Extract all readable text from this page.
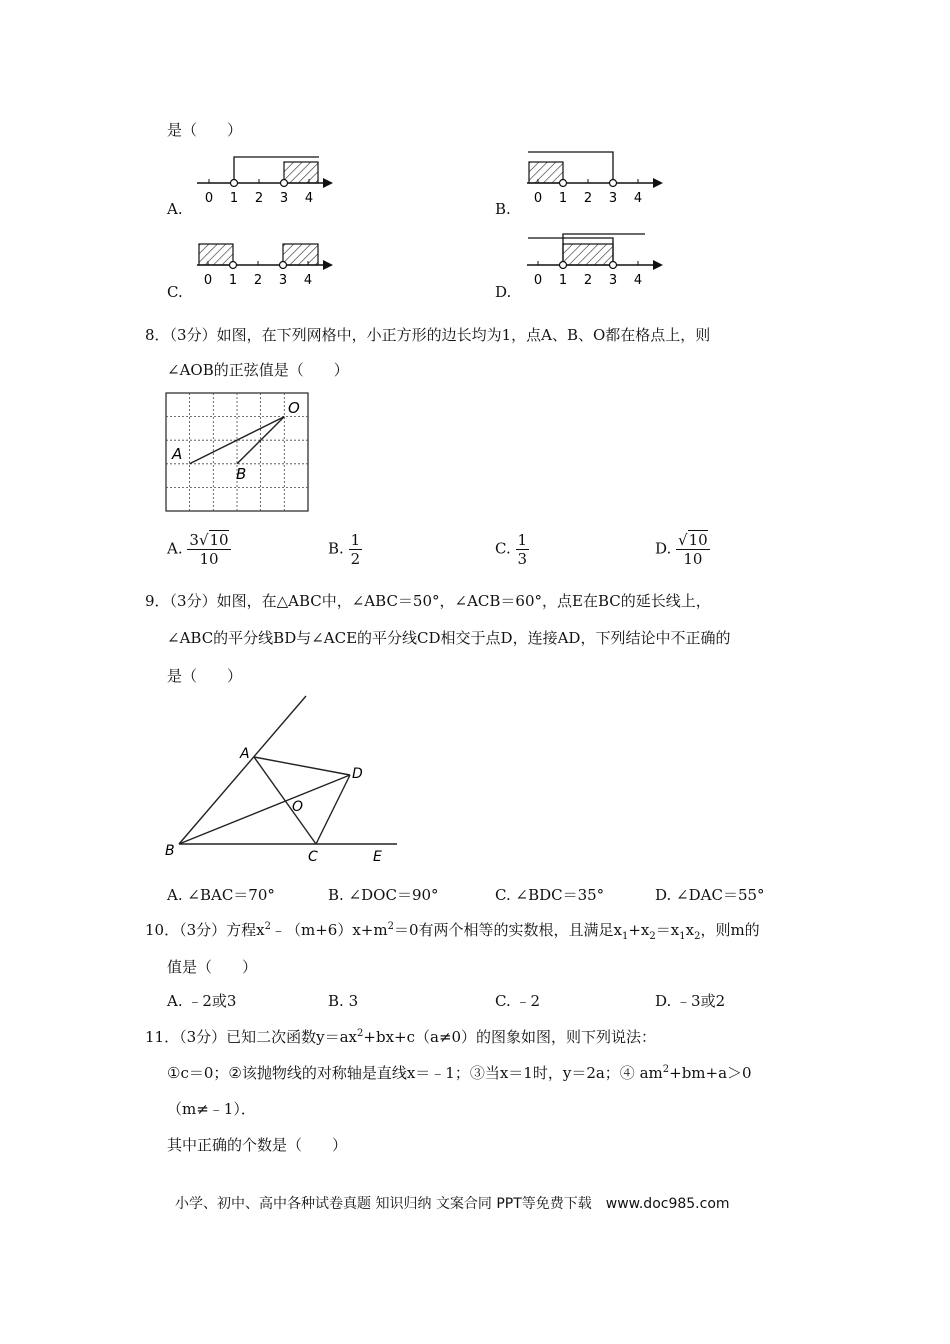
是（　　）
A.
0 1 2 3 4
B.
0 1 2 3 4
C.
0 1 2 3 4
D.
0 1 2 3 4
8．（3分）如图，在下列网格中，小正方形的边长均为1，点A、B、O都在格点上，则
∠AOB的正弦值是（　　）
A
B
O
A. $\frac{3√10}{10}$	B. $\frac{1}{2}$	C. $\frac{1}{3}$	D. $\frac{√10}{10}$
9．（3分）如图，在△ABC中，∠ABC＝50°，∠ACB＝60°，点E在BC的延长线上，
∠ABC的平分线BD与∠ACE的平分线CD相交于点D，连接AD，下列结论中不正确的
是（　　）
A
B	C
D
E
O
A. ∠BAC＝70°	B. ∠DOC＝90°	C. ∠BDC＝35°	D. ∠DAC＝55°
10．（3分）方程$x^2﹣(m+6)x+m^2=0$有两个相等的实数根，且满足$x_1+x_2=x_1x_2$，则m的
值是（　　）
A. ﹣2或3	B. 3	C. ﹣2	D. ﹣3或2
11．（3分）已知二次函数$y=ax^2+bx+c(a\ne 0)$的图象如图，则下列说法：
①c＝0；②该抛物线的对称轴是直线x＝﹣1；③当x＝1时，y＝2a；④ $am^2+bm+a>0$
（m≠﹣1）．
其中正确的个数是（　　）
小学、初中、高中各种试卷真题 知识归纳 文案合同 PPT等免费下载　www.doc985.com
